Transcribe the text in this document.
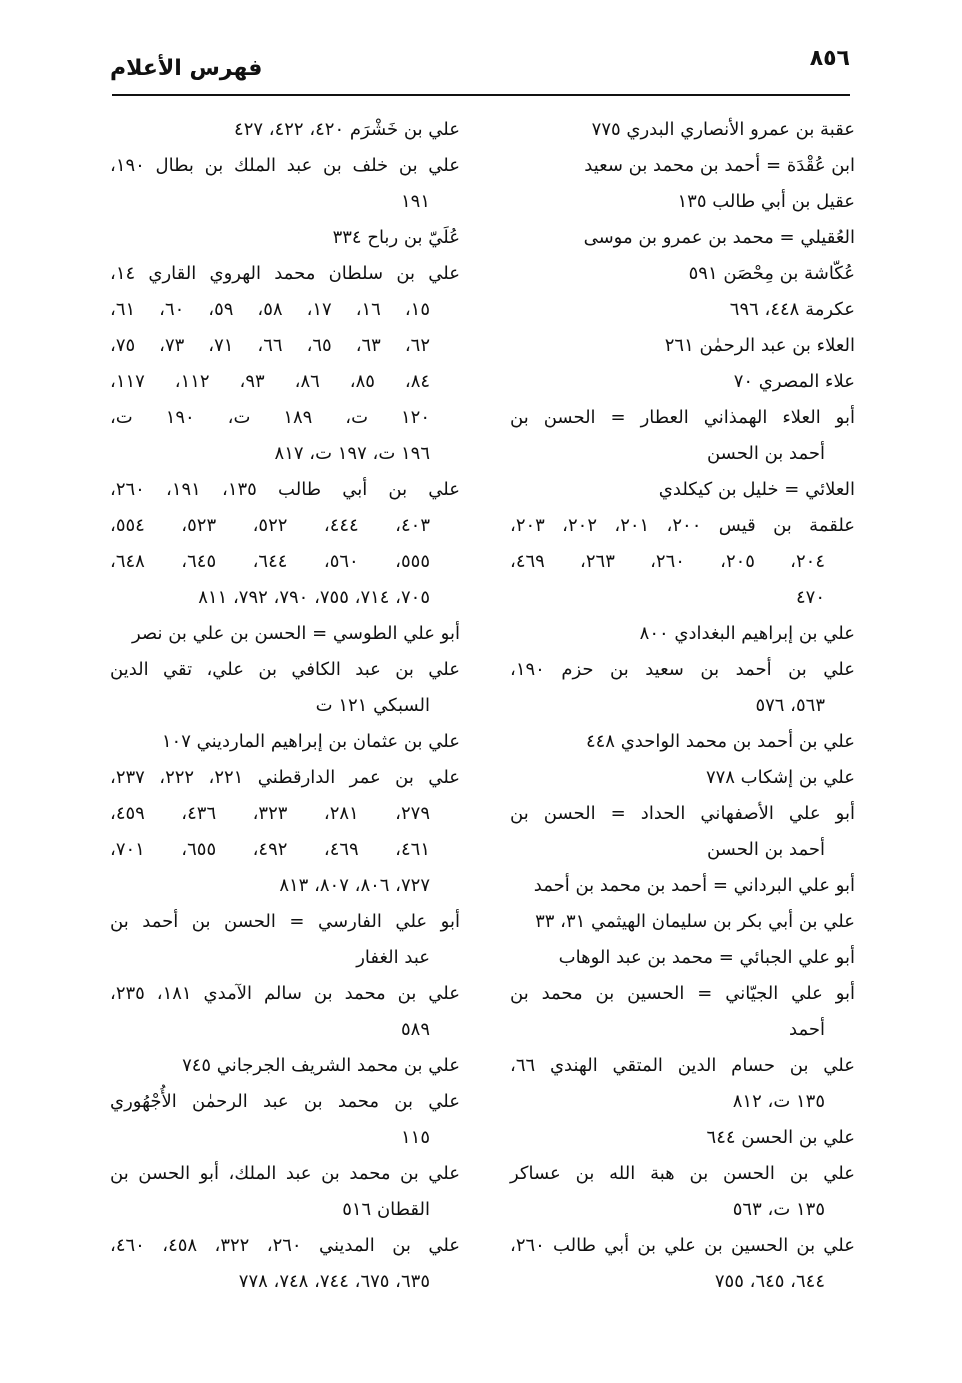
٨٥٦
فهرس الأعلام
عقبة بن عمرو الأنصاري البدري ٧٧٥
ابن عُقْدَة = أحمد بن محمد بن سعيد
عقيل بن أبي طالب ١٣٥
العُقيلي = محمد بن عمرو بن موسى
عُكّاشة بن مِحْصَن ٥٩١
عكرمة ٤٤٨، ٦٩٦
العلاء بن عبد الرحمٰن ٢٦١
علاء المصري ٧٠
أبو العلاء الهمذاني العطار = الحسن بن
أحمد بن الحسن
العلائي = خليل بن كيكلدي
علقمة بن قيس ٢٠٠، ٢٠١، ٢٠٢، ٢٠٣،
٢٠٤، ٢٠٥، ٢٦٠، ٢٦٣، ٤٦٩،
٤٧٠
علي بن إبراهيم البغدادي ٨٠٠
علي بن أحمد بن سعيد بن حزم ١٩٠،
٥٦٣، ٥٧٦
علي بن أحمد بن محمد الواحدي ٤٤٨
علي بن إشكاب ٧٧٨
أبو علي الأصفهاني الحداد = الحسن بن
أحمد بن الحسن
أبو علي البرداني = أحمد بن محمد بن أحمد
علي بن أبي بكر بن سليمان الهيثمي ٣١، ٣٣
أبو علي الجبائي = محمد بن عبد الوهاب
أبو علي الجيّاني = الحسين بن محمد بن
أحمد
علي بن حسام الدين المتقي الهندي ٦٦،
١٣٥ ت، ٨١٢
علي بن الحسن ٦٤٤
علي بن الحسن بن هبة الله بن عساكر
١٣٥ ت، ٥٦٣
علي بن الحسين بن علي بن أبي طالب ٢٦٠،
٦٤٤، ٦٤٥، ٧٥٥
علي بن خَشْرَم ٤٢٠، ٤٢٢، ٤٢٧
علي بن خلف بن عبد الملك بن بطال ١٩٠،
١٩١
عُلَيّ بن رباح ٣٣٤
علي بن سلطان محمد الهروي القاري ١٤،
١٥، ١٦، ١٧، ٥٨، ٥٩، ٦٠، ٦١،
٦٢، ٦٣، ٦٥، ٦٦، ٧١، ٧٣، ٧٥،
٨٤، ٨٥، ٨٦، ٩٣، ١١٢، ١١٧،
١٢٠ ت، ١٨٩ ت، ١٩٠ ت،
١٩٦ ت، ١٩٧ ت، ٨١٧
علي بن أبي طالب ١٣٥، ١٩١، ٢٦٠،
٤٠٣، ٤٤٤، ٥٢٢، ٥٢٣، ٥٥٤،
٥٥٥، ٥٦٠، ٦٤٤، ٦٤٥، ٦٤٨،
٧٠٥، ٧١٤، ٧٥٥، ٧٩٠، ٧٩٢، ٨١١
أبو علي الطوسي = الحسن بن علي بن نصر
علي بن عبد الكافي بن علي، تقي الدين
السبكي ١٢١ ت
علي بن عثمان بن إبراهيم المارديني ١٠٧
علي بن عمر الدارقطني ٢٢١، ٢٢٢، ٢٣٧،
٢٧٩، ٢٨١، ٣٢٣، ٤٣٦، ٤٥٩،
٤٦١، ٤٦٩، ٤٩٢، ٦٥٥، ٧٠١،
٧٢٧، ٨٠٦، ٨٠٧، ٨١٣
أبو علي الفارسي = الحسن بن أحمد بن
عبد الغفار
علي بن محمد بن سالم الآمدي ١٨١، ٢٣٥،
٥٨٩
علي بن محمد الشريف الجرجاني ٧٤٥
علي بن محمد بن عبد الرحمٰن الأُجْهُوري
١١٥
علي بن محمد بن عبد الملك، أبو الحسن بن
القطان ٥١٦
علي بن المديني ٢٦٠، ٣٢٢، ٤٥٨، ٤٦٠،
٦٣٥، ٦٧٥، ٧٤٤، ٧٤٨، ٧٧٨
